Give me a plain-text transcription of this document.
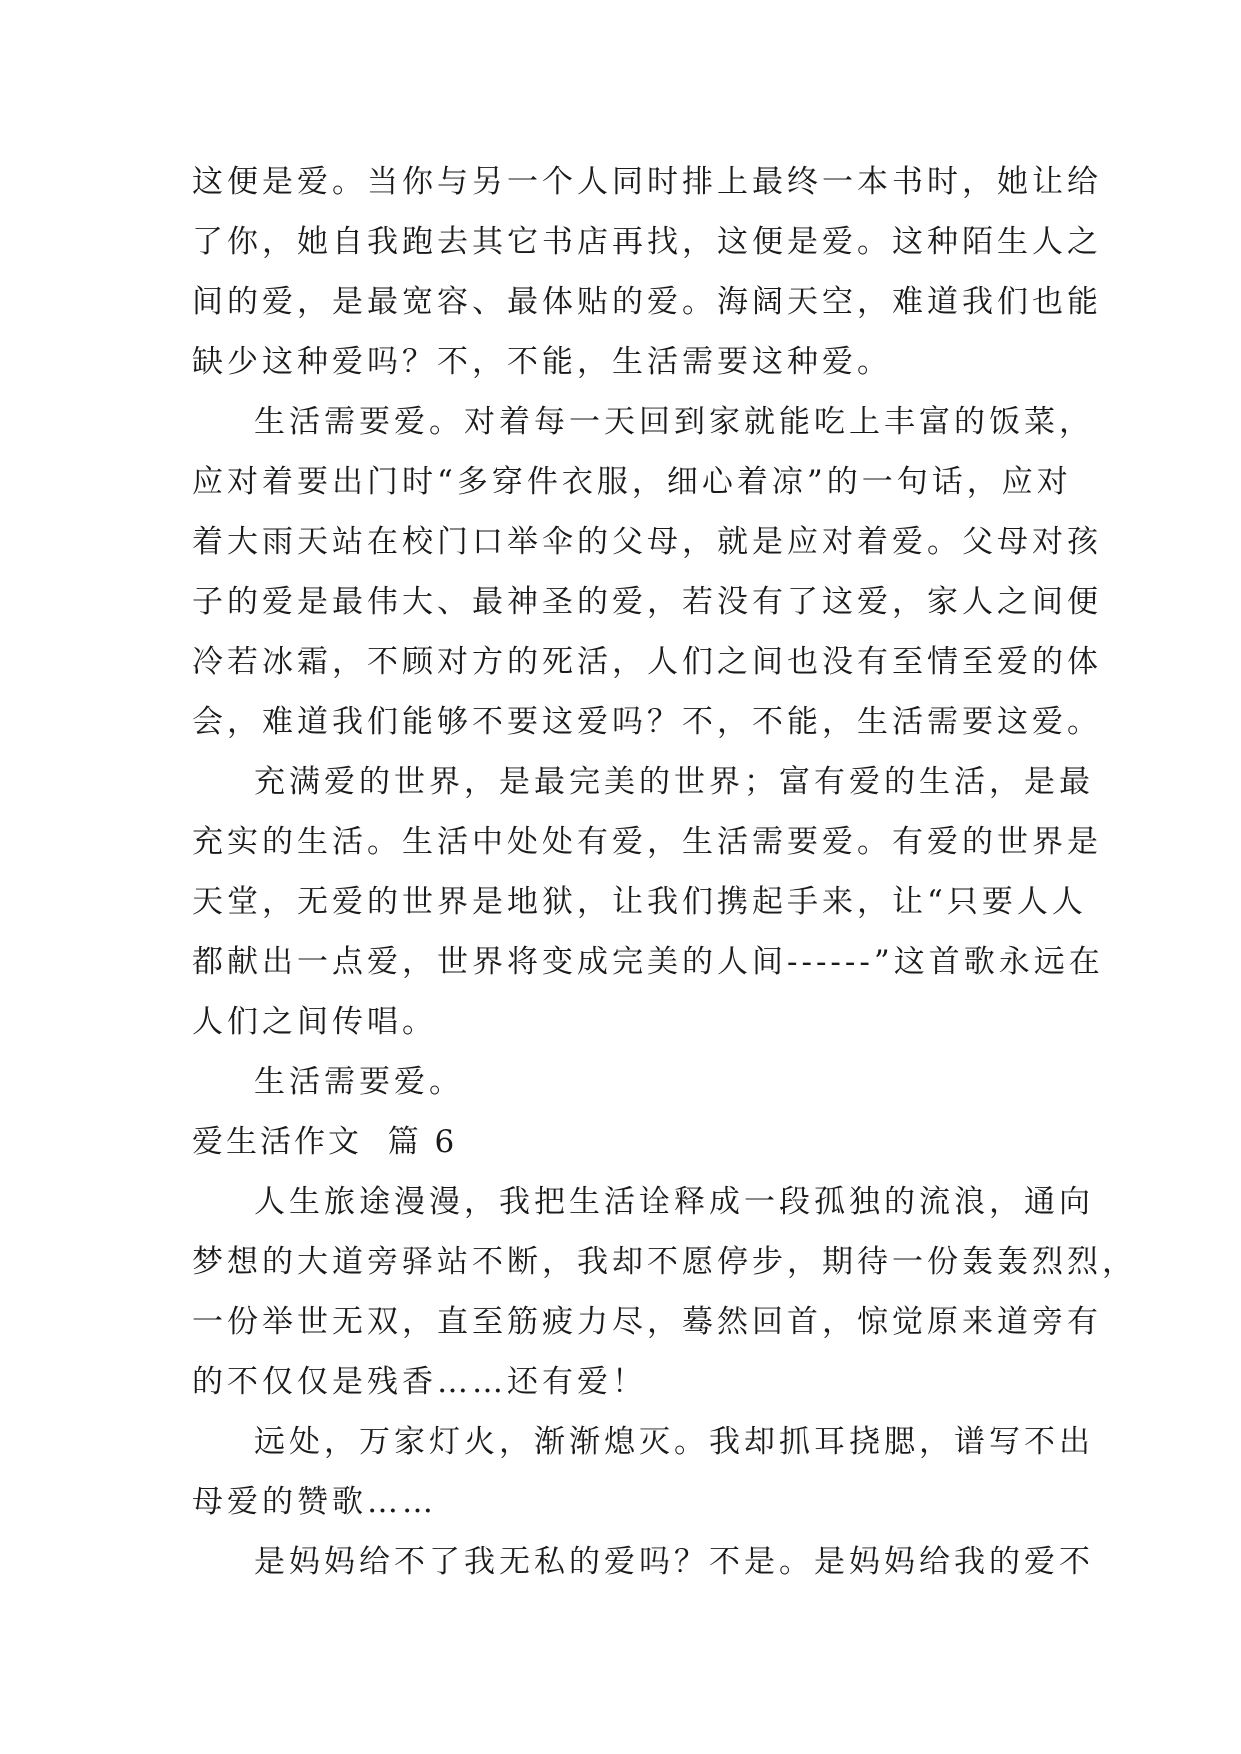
这便是爱。当你与另一个人同时排上最终一本书时，她让给
了你，她自我跑去其它书店再找，这便是爱。这种陌生人之
间的爱，是最宽容、最体贴的爱。海阔天空，难道我们也能
缺少这种爱吗？不，不能，生活需要这种爱。

生活需要爱。对着每一天回到家就能吃上丰富的饭菜，
应对着要出门时“多穿件衣服，细心着凉”的一句话，应对
着大雨天站在校门口举伞的父母，就是应对着爱。父母对孩
子的爱是最伟大、最神圣的爱，若没有了这爱，家人之间便
冷若冰霜，不顾对方的死活，人们之间也没有至情至爱的体
会，难道我们能够不要这爱吗？不，不能，生活需要这爱。

充满爱的世界，是最完美的世界；富有爱的生活，是最
充实的生活。生活中处处有爱，生活需要爱。有爱的世界是
天堂，无爱的世界是地狱，让我们携起手来，让“只要人人
都献出一点爱，世界将变成完美的人间------”这首歌永远在
人们之间传唱。

生活需要爱。

爱生活作文  篇 6

人生旅途漫漫，我把生活诠释成一段孤独的流浪，通向
梦想的大道旁驿站不断，我却不愿停步，期待一份轰轰烈烈，
一份举世无双，直至筋疲力尽，蓦然回首，惊觉原来道旁有
的不仅仅是残香……还有爱！

远处，万家灯火，渐渐熄灭。我却抓耳挠腮，谱写不出
母爱的赞歌……

是妈妈给不了我无私的爱吗？不是。是妈妈给我的爱不
